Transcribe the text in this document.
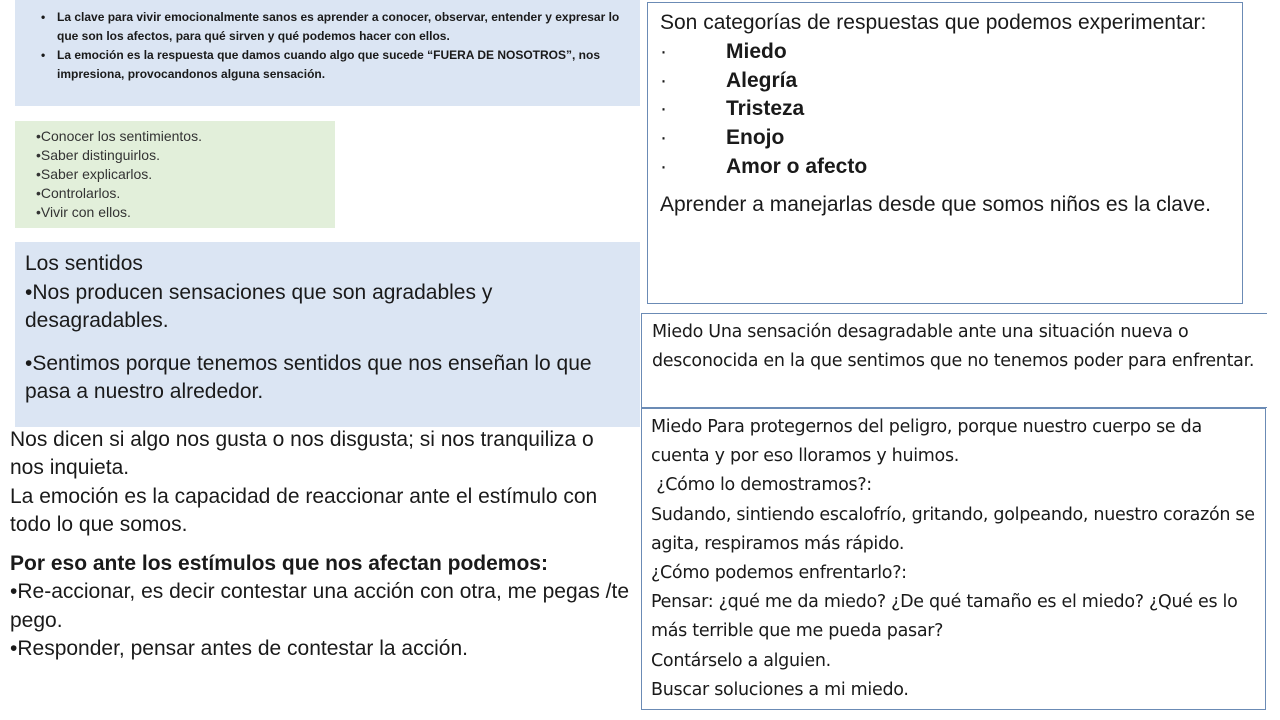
• La clave para vivir emocionalmente sanos es aprender a conocer, observar, entender y expresar lo que son los afectos, para qué sirven y qué podemos hacer con ellos.
• La emoción es la respuesta que damos cuando algo que sucede “FUERA DE NOSOTROS”, nos impresiona, provocandonos alguna sensación.
•Conocer los sentimientos.
•Saber distinguirlos.
•Saber explicarlos.
•Controlarlos.
•Vivir con ellos.
Los sentidos
•Nos producen sensaciones que son agradables y desagradables.
•Sentimos porque tenemos sentidos que nos enseñan lo que pasa a nuestro alrededor.
Nos dicen si algo nos gusta o nos disgusta; si nos tranquiliza o nos inquieta.
La emoción es la capacidad de reaccionar ante el estímulo con todo lo que somos.
Por eso ante los estímulos que nos afectan podemos:
•Re-accionar, es decir contestar una acción con otra, me pegas /te pego.
•Responder, pensar antes de contestar la acción.
Son categorías de respuestas que podemos experimentar:
·	Miedo
·	Alegría
·	Tristeza
·	Enojo
·	Amor o afecto
Aprender a manejarlas desde que somos niños es la clave.
Miedo Una sensación desagradable ante una situación nueva o desconocida en la que sentimos que no tenemos poder para enfrentar.
Miedo Para protegernos del peligro, porque nuestro cuerpo se da cuenta y por eso lloramos y huimos.
¿Cómo lo demostramos?:
Sudando, sintiendo escalofrío, gritando, golpeando, nuestro corazón se agita, respiramos más rápido.
¿Cómo podemos enfrentarlo?:
Pensar: ¿qué me da miedo? ¿De qué tamaño es el miedo? ¿Qué es lo más terrible que me pueda pasar?
Contárselo a alguien.
Buscar soluciones a mi miedo.
